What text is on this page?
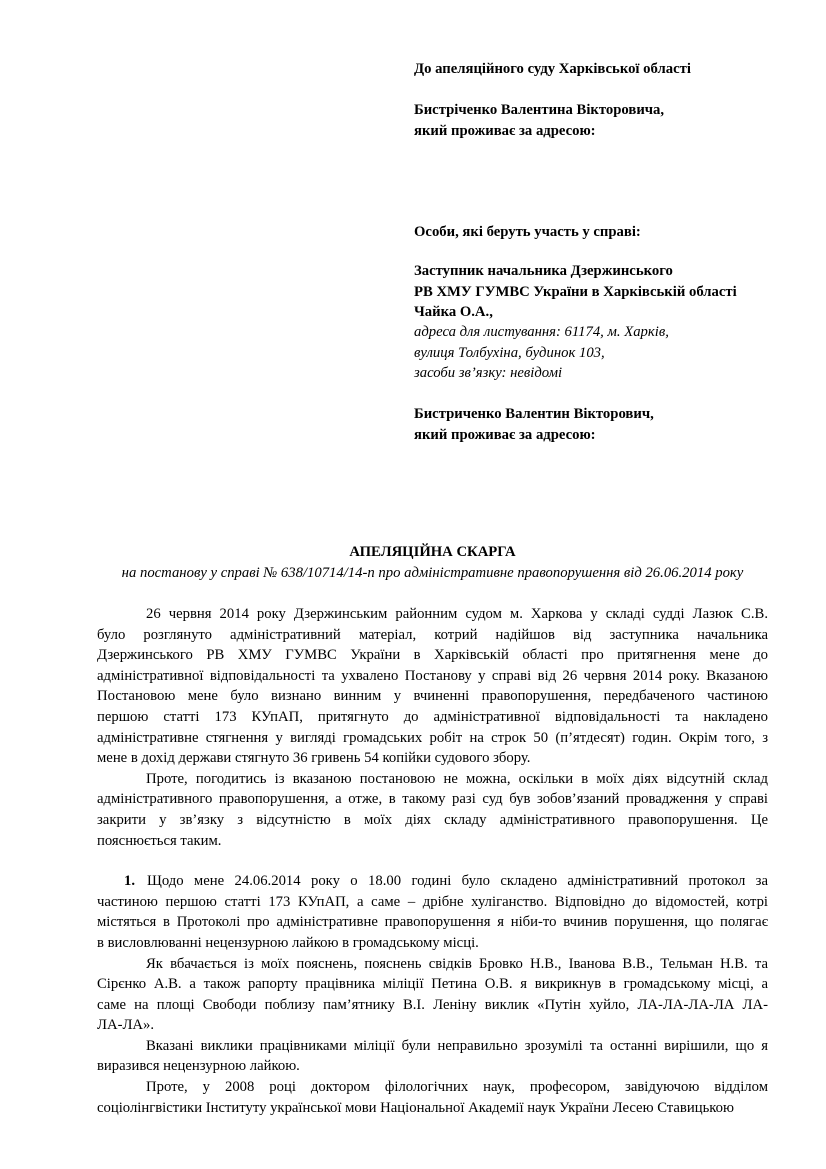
До апеляційного суду Харківської області
Бистріченко Валентина Вікторовича,
який проживає за адресою:
Особи, які беруть участь у справі:
Заступник начальника Дзержинського
РВ ХМУ ГУМВС України в Харківській області
Чайка О.А.,
адреса для листування: 61174, м. Харків,
вулиця Толбухіна, будинок 103,
засоби зв’язку: невідомі
Бистриченко Валентин Вікторович,
який проживає за адресою:
АПЕЛЯЦІЙНА СКАРГА
на постанову у справі № 638/10714/14-п про адміністративне правопорушення від 26.06.2014 року
26 червня 2014 року Дзержинським районним судом м. Харкова у складі судді Лазюк С.В.
було розглянуто адміністративний матеріал, котрий надійшов від заступника начальника
Дзержинського РВ ХМУ ГУМВС України в Харківській області про притягнення мене до
адміністративної відповідальності та ухвалено Постанову у справі від 26 червня 2014 року. Вказаною
Постановою мене було визнано винним у вчиненні правопорушення, передбаченого частиною
першою статті 173 КУпАП, притягнуто до адміністративної відповідальності та накладено
адміністративне стягнення у вигляді громадських робіт на строк 50 (п’ятдесят) годин. Окрім того, з
мене в дохід держави стягнуто 36 гривень 54 копійки судового збору.
Проте, погодитись із вказаною постановою не можна, оскільки в моїх діях відсутній склад
адміністративного правопорушення, а отже, в такому разі суд був зобов’язаний провадження у справі
закрити у зв’язку з відсутністю в моїх діях складу адміністративного правопорушення. Це
пояснюється таким.
1. Щодо мене 24.06.2014 року о 18.00 годині було складено адміністративний протокол за
частиною першою статті 173 КУпАП, а саме – дрібне хуліганство. Відповідно до відомостей, котрі
містяться в Протоколі про адміністративне правопорушення я ніби-то вчинив порушення, що полягає
в висловлюванні нецензурною лайкою в громадському місці.
Як вбачається із моїх пояснень, пояснень свідків Бровко Н.В., Іванова В.В., Тельман Н.В. та
Сірєнко А.В. а також рапорту працівника міліції Петина О.В. я викрикнув в громадському місці, а
саме на площі Свободи поблизу пам’ятнику В.І. Леніну виклик «Путін хуйло, ЛА-ЛА-ЛА-ЛА ЛА-
ЛА-ЛА».
Вказані виклики працівниками міліції були неправильно зрозумілі та останні вирішили, що я
виразився нецензурною лайкою.
Проте, у 2008 році доктором філологічних наук, професором, завідуючою відділом
соціолінгвістики Інституту української мови Національної Академії наук України Лесею Ставицькою
